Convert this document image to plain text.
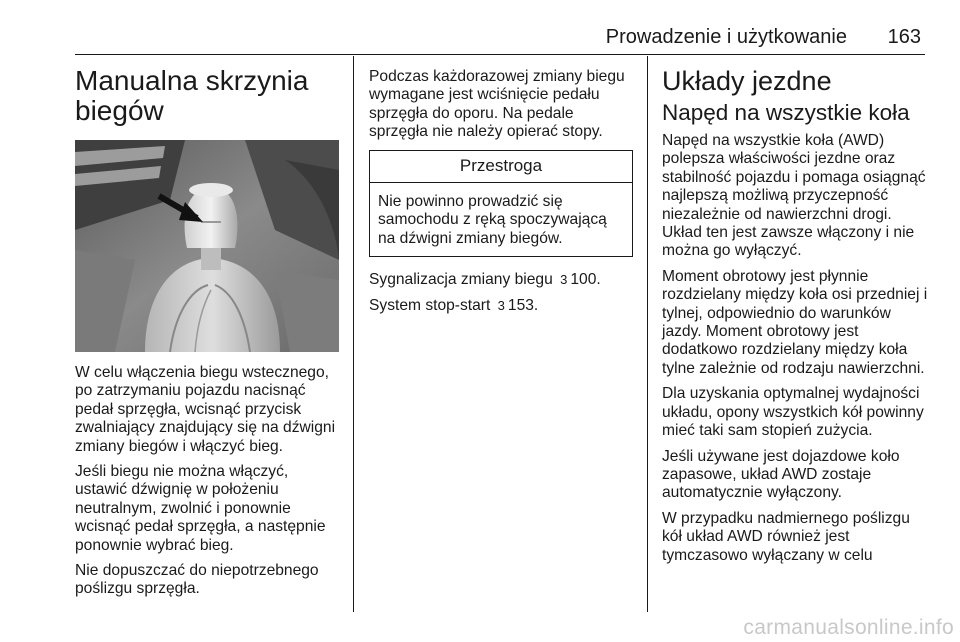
Prowadzenie i użytkowanie 163
Manualna skrzynia
biegów

W celu włączenia biegu wstecznego, po zatrzymaniu pojazdu nacisnąć pedał sprzęgła, wcisnąć przycisk zwalniający znajdujący się na dźwigni zmiany biegów i włączyć bieg.

Jeśli biegu nie można włączyć, ustawić dźwignię w położeniu neutralnym, zwolnić i ponownie wcisnąć pedał sprzęgła, a następnie ponownie wybrać bieg.

Nie dopuszczać do niepotrzebnego poślizgu sprzęgła.

Podczas każdorazowej zmiany biegu wymagane jest wciśnięcie pedału sprzęgła do oporu. Na pedale sprzęgła nie należy opierać stopy.

Przestroga
Nie powinno prowadzić się samochodu z ręką spoczywającą na dźwigni zmiany biegów.

Sygnalizacja zmiany biegu 3 100.

System stop-start 3 153.

Układy jezdne
Napęd na wszystkie koła

Napęd na wszystkie koła (AWD) polepsza właściwości jezdne oraz stabilność pojazdu i pomaga osiągnąć najlepszą możliwą przyczepność niezależnie od nawierzchni drogi. Układ ten jest zawsze włączony i nie można go wyłączyć.

Moment obrotowy jest płynnie rozdzielany między koła osi przedniej i tylnej, odpowiednio do warunków jazdy. Moment obrotowy jest dodatkowo rozdzielany między koła tylne zależnie od rodzaju nawierzchni.

Dla uzyskania optymalnej wydajności układu, opony wszystkich kół powinny mieć taki sam stopień zużycia.

Jeśli używane jest dojazdowe koło zapasowe, układ AWD zostaje automatycznie wyłączony.

W przypadku nadmiernego poślizgu kół układ AWD również jest tymczasowo wyłączany w celu

carmanualsonline.info
